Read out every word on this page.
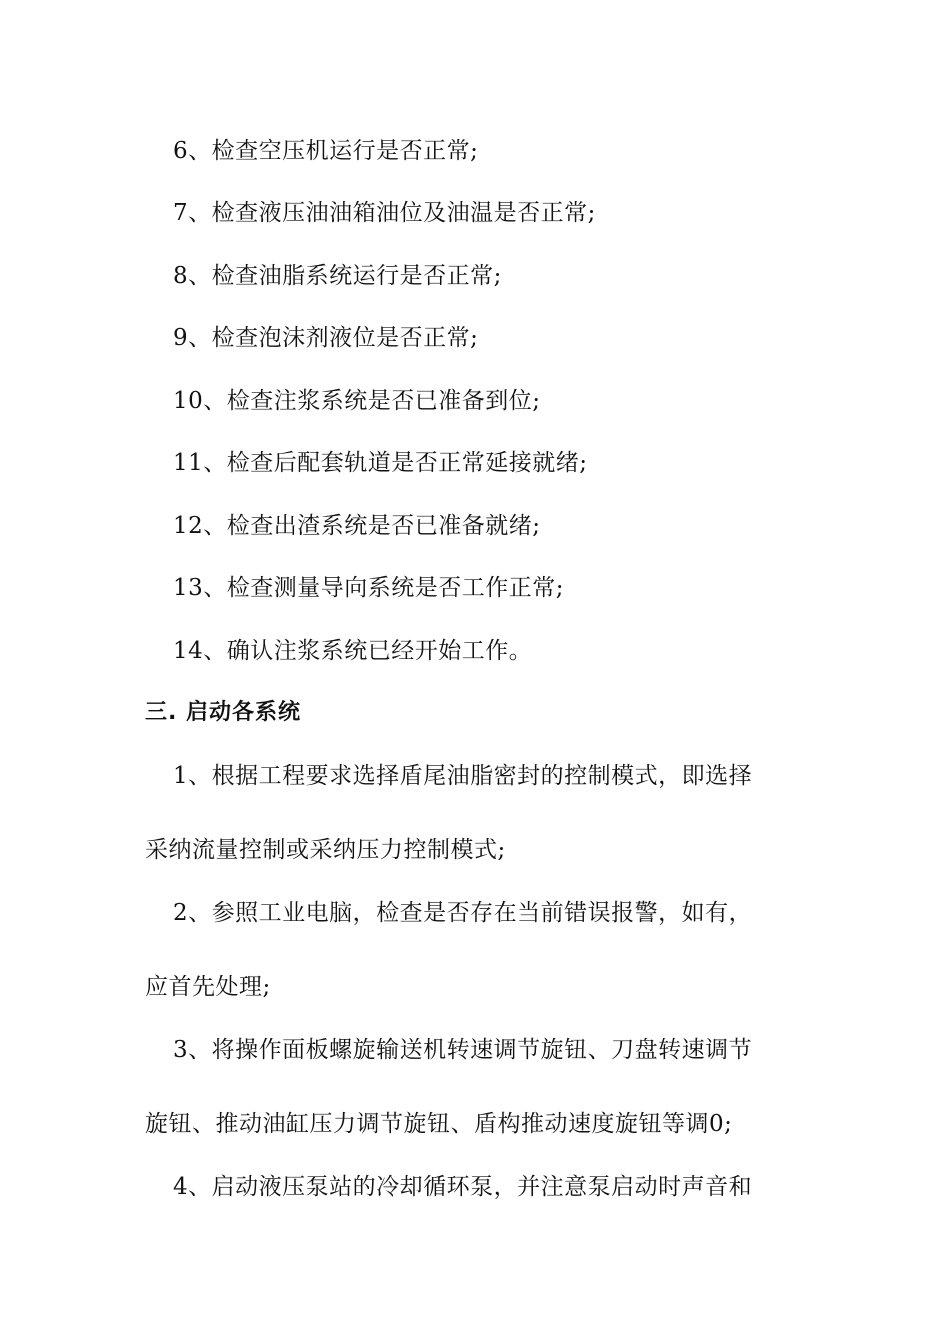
6、检查空压机运行是否正常;
7、检查液压油油箱油位及油温是否正常;
8、检查油脂系统运行是否正常;
9、检查泡沫剂液位是否正常;
10、检查注浆系统是否已准备到位;
11、检查后配套轨道是否正常延接就绪;
12、检查出渣系统是否已准备就绪;
13、检查测量导向系统是否工作正常;
14、确认注浆系统已经开始工作。
三. 启动各系统
1、根据工程要求选择盾尾油脂密封的控制模式，即选择
采纳流量控制或采纳压力控制模式;
2、参照工业电脑，检查是否存在当前错误报警，如有，
应首先处理;
3、将操作面板螺旋输送机转速调节旋钮、刀盘转速调节
旋钮、推动油缸压力调节旋钮、盾构推动速度旋钮等调0;
4、启动液压泵站的冷却循环泵，并注意泵启动时声音和
